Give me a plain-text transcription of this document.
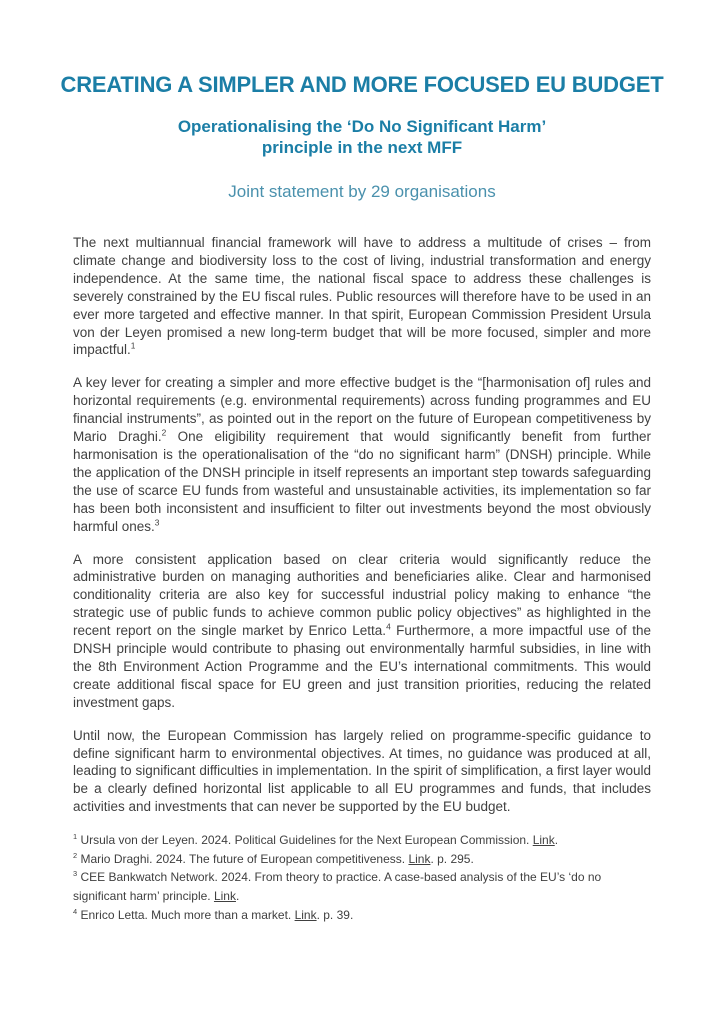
CREATING A SIMPLER AND MORE FOCUSED EU BUDGET
Operationalising the ‘Do No Significant Harm’
principle in the next MFF
Joint statement by 29 organisations

The next multiannual financial framework will have to address a multitude of crises – from climate change and biodiversity loss to the cost of living, industrial transformation and energy independence. At the same time, the national fiscal space to address these challenges is severely constrained by the EU fiscal rules. Public resources will therefore have to be used in an ever more targeted and effective manner. In that spirit, European Commission President Ursula von der Leyen promised a new long-term budget that will be more focused, simpler and more impactful.$^1$

A key lever for creating a simpler and more effective budget is the “[harmonisation of] rules and horizontal requirements (e.g. environmental requirements) across funding programmes and EU financial instruments”, as pointed out in the report on the future of European competitiveness by Mario Draghi.$^2$ One eligibility requirement that would significantly benefit from further harmonisation is the operationalisation of the “do no significant harm” (DNSH) principle. While the application of the DNSH principle in itself represents an important step towards safeguarding the use of scarce EU funds from wasteful and unsustainable activities, its implementation so far has been both inconsistent and insufficient to filter out investments beyond the most obviously harmful ones.$^3$

A more consistent application based on clear criteria would significantly reduce the administrative burden on managing authorities and beneficiaries alike. Clear and harmonised conditionality criteria are also key for successful industrial policy making to enhance “the strategic use of public funds to achieve common public policy objectives” as highlighted in the recent report on the single market by Enrico Letta.$^4$ Furthermore, a more impactful use of the DNSH principle would contribute to phasing out environmentally harmful subsidies, in line with the 8th Environment Action Programme and the EU’s international commitments. This would create additional fiscal space for EU green and just transition priorities, reducing the related investment gaps.

Until now, the European Commission has largely relied on programme-specific guidance to define significant harm to environmental objectives. At times, no guidance was produced at all, leading to significant difficulties in implementation. In the spirit of simplification, a first layer would be a clearly defined horizontal list applicable to all EU programmes and funds, that includes activities and investments that can never be supported by the EU budget.

$^1$ Ursula von der Leyen. 2024. Political Guidelines for the Next European Commission. Link.
$^2$ Mario Draghi. 2024. The future of European competitiveness. Link. p. 295.
$^3$ CEE Bankwatch Network. 2024. From theory to practice. A case-based analysis of the EU’s ‘do no significant harm’ principle. Link.
$^4$ Enrico Letta. Much more than a market. Link. p. 39.
